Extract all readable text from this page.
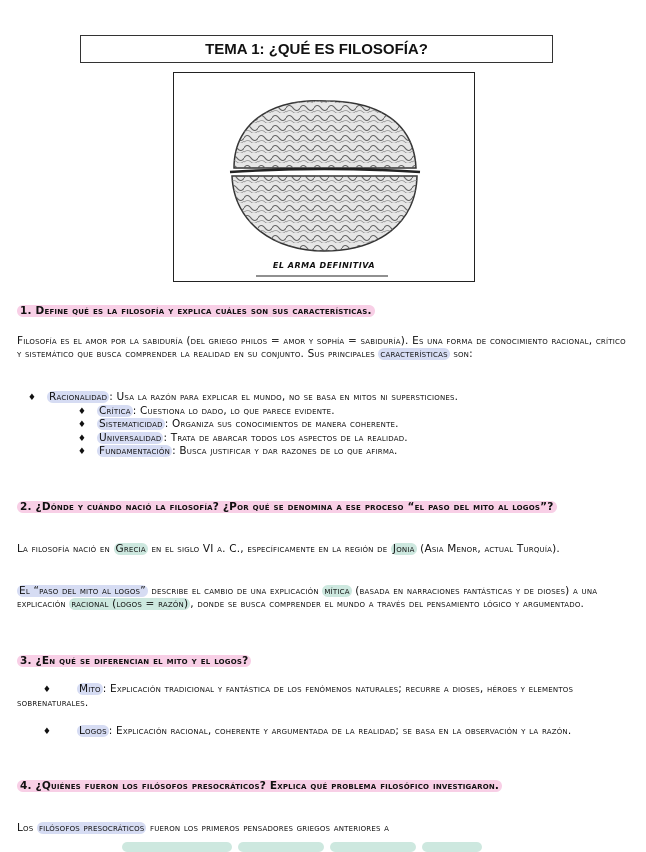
TEMA 1: ¿QUÉ ES FILOSOFÍA?
EL ARMA DEFINITIVA
1. Define qué es la filosofía y explica cuáles son sus características.
Filosofía es el amor por la sabiduría (del griego philos = amor y sophía = sabiduría). Es una forma de conocimiento racional, crítico y sistemático que busca comprender la realidad en su conjunto. Sus principales características son:
♦ Racionalidad : Usa la razón para explicar el mundo, no se basa en mitos ni supersticiones.
♦ Crítica : Cuestiona lo dado, lo que parece evidente.
♦ Sistematicidad : Organiza sus conocimientos de manera coherente.
♦ Universalidad : Trata de abarcar todos los aspectos de la realidad.
♦ Fundamentación : Busca justificar y dar razones de lo que afirma.
2. ¿Dónde y cuándo nació la filosofía? ¿Por qué se denomina a ese proceso “el paso del mito al logos”?
La filosofía nació en Grecia en el siglo VI a. C., específicamente en la región de Jonia (Asia Menor, actual Turquía).
El “paso del mito al logos” describe el cambio de una explicación mítica (basada en narraciones fantásticas y de dioses) a una explicación racional (logos = razón) , donde se busca comprender el mundo a través del pensamiento lógico y argumentado.
3. ¿En qué se diferencian el mito y el logos?
♦	Mito : Explicación tradicional y fantástica de los fenómenos naturales; recurre a dioses, héroes y elementos sobrenaturales.
♦	Logos : Explicación racional, coherente y argumentada de la realidad; se basa en la observación y la razón.
4. ¿Quiénes fueron los filósofos presocráticos? Explica qué problema filosófico investigaron.
Los filósofos presocráticos fueron los primeros pensadores griegos anteriores a
